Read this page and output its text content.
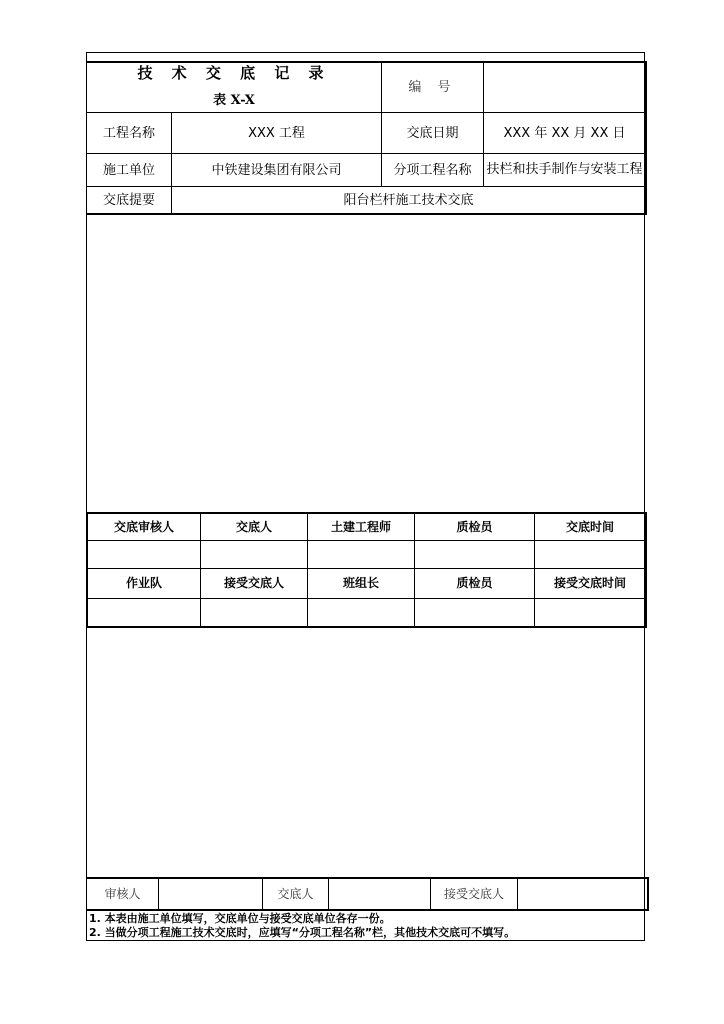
技 术 交 底 记 录
表 X-X
编 号
工程名称	XXX 工程	交底日期	XXX 年 XX 月 XX 日
施工单位	中铁建设集团有限公司	分项工程名称	扶栏和扶手制作与安装工程
交底提要	阳台栏杆施工技术交底
交底审核人	交底人	土建工程师	质检员	交底时间
作业队	接受交底人	班组长	质检员	接受交底时间
审核人	交底人	接受交底人
1. 本表由施工单位填写，交底单位与接受交底单位各存一份。
2. 当做分项工程施工技术交底时，应填写“分项工程名称”栏，其他技术交底可不填写。
